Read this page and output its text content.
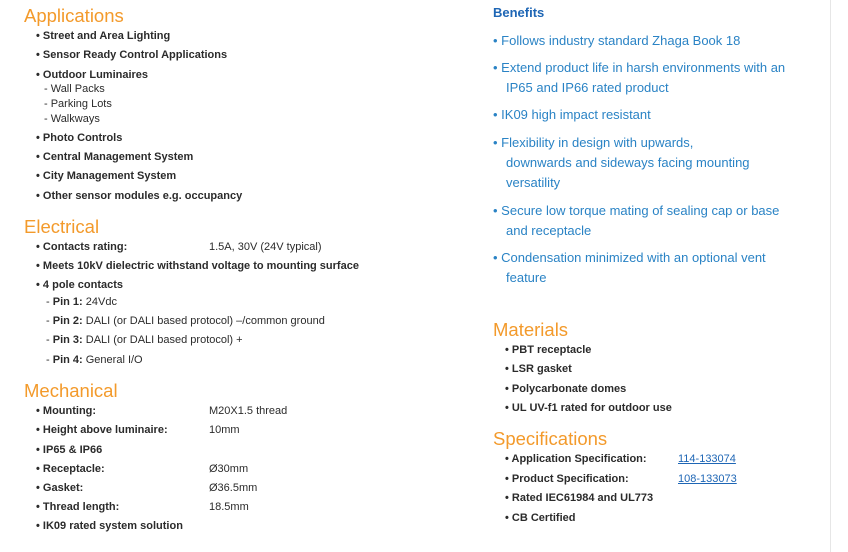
Applications
• Street and Area Lighting
• Sensor Ready Control Applications
• Outdoor Luminaires
- Wall Packs
- Parking Lots
- Walkways
• Photo Controls
• Central Management System
• City Management System
• Other sensor modules e.g. occupancy
Electrical
• Contacts rating:	1.5A, 30V (24V typical)
• Meets 10kV dielectric withstand voltage to mounting surface
• 4 pole contacts
- Pin 1: 24Vdc
- Pin 2: DALI (or DALI based protocol) –/common ground
- Pin 3: DALI (or DALI based protocol) +
- Pin 4: General I/O
Mechanical
• Mounting:	M20X1.5 thread
• Height above luminaire:	10mm
• IP65 & IP66
• Receptacle:	Ø30mm
• Gasket:	Ø36.5mm
• Thread length:	18.5mm
• IK09 rated system solution
Benefits
• Follows industry standard Zhaga Book 18
• Extend product life in harsh environments with an IP65 and IP66 rated product
• IK09 high impact resistant
• Flexibility in design with upwards, downwards and sideways facing mounting versatility
• Secure low torque mating of sealing cap or base and receptacle
• Condensation minimized with an optional vent feature
Materials
• PBT receptacle
• LSR gasket
• Polycarbonate domes
• UL UV-f1 rated for outdoor use
Specifications
• Application Specification:	114-133074
• Product Specification:	108-133073
• Rated IEC61984 and UL773
• CB Certified
